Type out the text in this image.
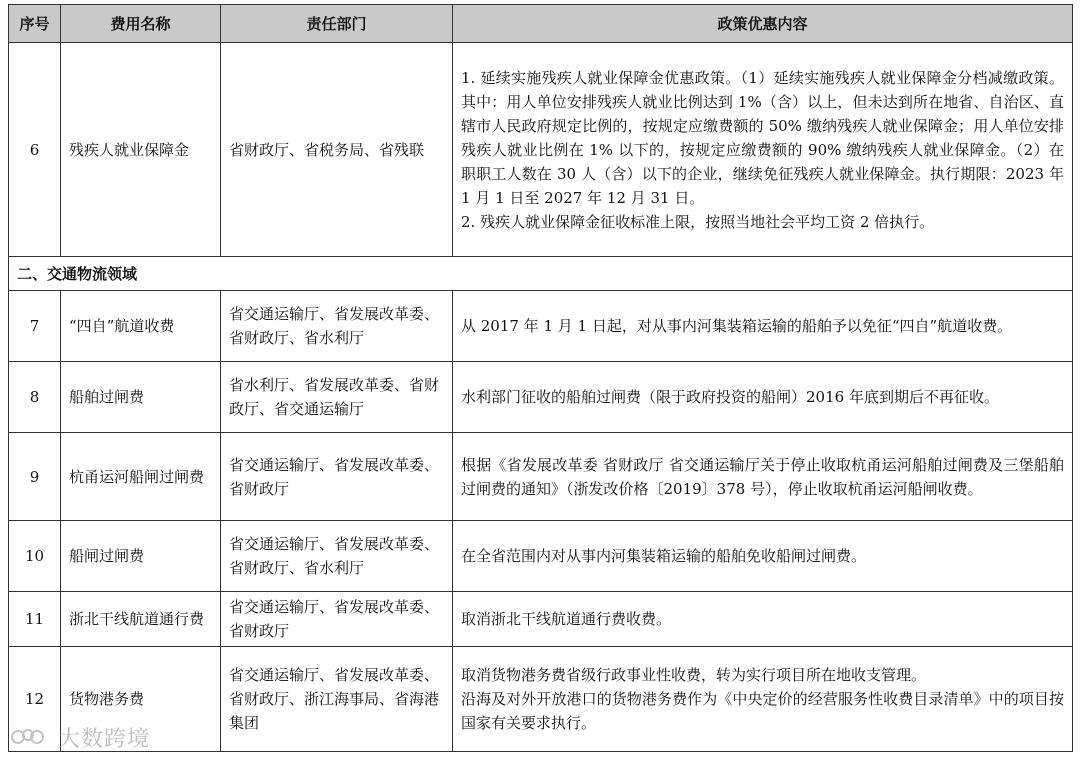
序号	费用名称	责任部门	政策优惠内容
6	残疾人就业保障金	省财政厅、省税务局、省残联	1. 延续实施残疾人就业保障金优惠政策。（1）延续实施残疾人就业保障金分档减缴政策。其中：用人单位安排残疾人就业比例达到 1%（含）以上，但未达到所在地省、自治区、直辖市人民政府规定比例的，按规定应缴费额的 50% 缴纳残疾人就业保障金；用人单位安排残疾人就业比例在 1% 以下的，按规定应缴费额的 90% 缴纳残疾人就业保障金。（2）在职职工人数在 30 人（含）以下的企业，继续免征残疾人就业保障金。执行期限：2023 年 1 月 1 日至 2027 年 12 月 31 日。
2. 残疾人就业保障金征收标准上限，按照当地社会平均工资 2 倍执行。

二、交通物流领域			
7	“四自”航道收费	省交通运输厅、省发展改革委、省财政厅、省水利厅	从 2017 年 1 月 1 日起，对从事内河集装箱运输的船舶予以免征“四自”航道收费。
8	船舶过闸费	省水利厅、省发展改革委、省财政厅、省交通运输厅	水利部门征收的船舶过闸费（限于政府投资的船闸）2016 年底到期后不再征收。
9	杭甬运河船闸过闸费	省交通运输厅、省发展改革委、省财政厅	根据《省发展改革委 省财政厅 省交通运输厅关于停止收取杭甬运河船舶过闸费及三堡船舶过闸费的通知》（浙发改价格〔2019〕378 号），停止收取杭甬运河船闸收费。
10	船闸过闸费	省交通运输厅、省发展改革委、省财政厅、省水利厅	在全省范围内对从事内河集装箱运输的船舶免收船闸过闸费。
11	浙北干线航道通行费	省交通运输厅、省发展改革委、省财政厅	取消浙北干线航道通行费收费。
12	货物港务费	省交通运输厅、省发展改革委、省财政厅、浙江海事局、省海港集团	取消货物港务费省级行政事业性收费，转为实行项目所在地收支管理。
沿海及对外开放港口的货物港务费作为《中央定价的经营服务性收费目录清单》中的项目按国家有关要求执行。
大数跨境
